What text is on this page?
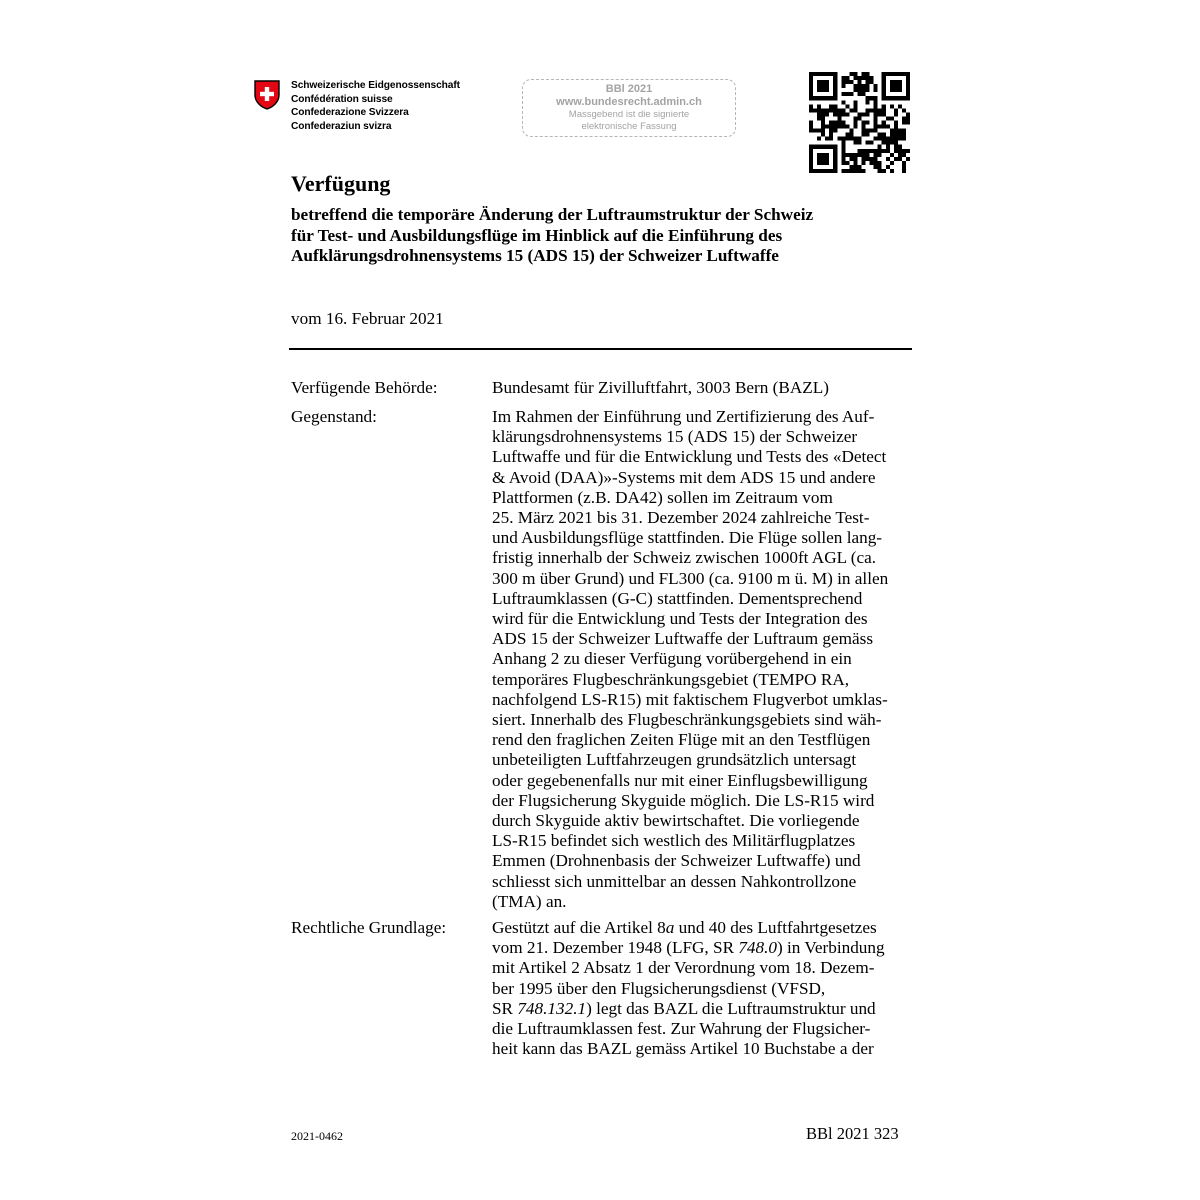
Schweizerische Eidgenossenschaft
Confédération suisse
Confederazione Svizzera
Confederaziun svizra
BBl 2021
www.bundesrecht.admin.ch
Massgebend ist die signierte
elektronische Fassung
Verfügung
betreffend die temporäre Änderung der Luftraumstruktur der Schweiz
für Test- und Ausbildungsflüge im Hinblick auf die Einführung des
Aufklärungsdrohnensystems 15 (ADS 15) der Schweizer Luftwaffe
vom 16. Februar 2021
Verfügende Behörde:	Bundesamt für Zivilluftfahrt, 3003 Bern (BAZL)
Gegenstand:	Im Rahmen der Einführung und Zertifizierung des Auf-
klärungsdrohnensystems 15 (ADS 15) der Schweizer
Luftwaffe und für die Entwicklung und Tests des «Detect
& Avoid (DAA)»-Systems mit dem ADS 15 und andere
Plattformen (z.B. DA42) sollen im Zeitraum vom
25. März 2021 bis 31. Dezember 2024 zahlreiche Test-
und Ausbildungsflüge stattfinden. Die Flüge sollen lang-
fristig innerhalb der Schweiz zwischen 1000ft AGL (ca.
300 m über Grund) und FL300 (ca. 9100 m ü. M) in allen
Luftraumklassen (G-C) stattfinden. Dementsprechend
wird für die Entwicklung und Tests der Integration des
ADS 15 der Schweizer Luftwaffe der Luftraum gemäss
Anhang 2 zu dieser Verfügung vorübergehend in ein
temporäres Flugbeschränkungsgebiet (TEMPO RA,
nachfolgend LS-R15) mit faktischem Flugverbot umklas-
siert. Innerhalb des Flugbeschränkungsgebiets sind wäh-
rend den fraglichen Zeiten Flüge mit an den Testflügen
unbeteiligten Luftfahrzeugen grundsätzlich untersagt
oder gegebenenfalls nur mit einer Einflugsbewilligung
der Flugsicherung Skyguide möglich. Die LS-R15 wird
durch Skyguide aktiv bewirtschaftet. Die vorliegende
LS-R15 befindet sich westlich des Militärflugplatzes
Emmen (Drohnenbasis der Schweizer Luftwaffe) und
schliesst sich unmittelbar an dessen Nahkontrollzone
(TMA) an.
Rechtliche Grundlage:	Gestützt auf die Artikel 8a und 40 des Luftfahrtgesetzes
vom 21. Dezember 1948 (LFG, SR 748.0) in Verbindung
mit Artikel 2 Absatz 1 der Verordnung vom 18. Dezem-
ber 1995 über den Flugsicherungsdienst (VFSD,
SR 748.132.1) legt das BAZL die Luftraumstruktur und
die Luftraumklassen fest. Zur Wahrung der Flugsicher-
heit kann das BAZL gemäss Artikel 10 Buchstabe a der
2021-0462	BBl 2021 323
